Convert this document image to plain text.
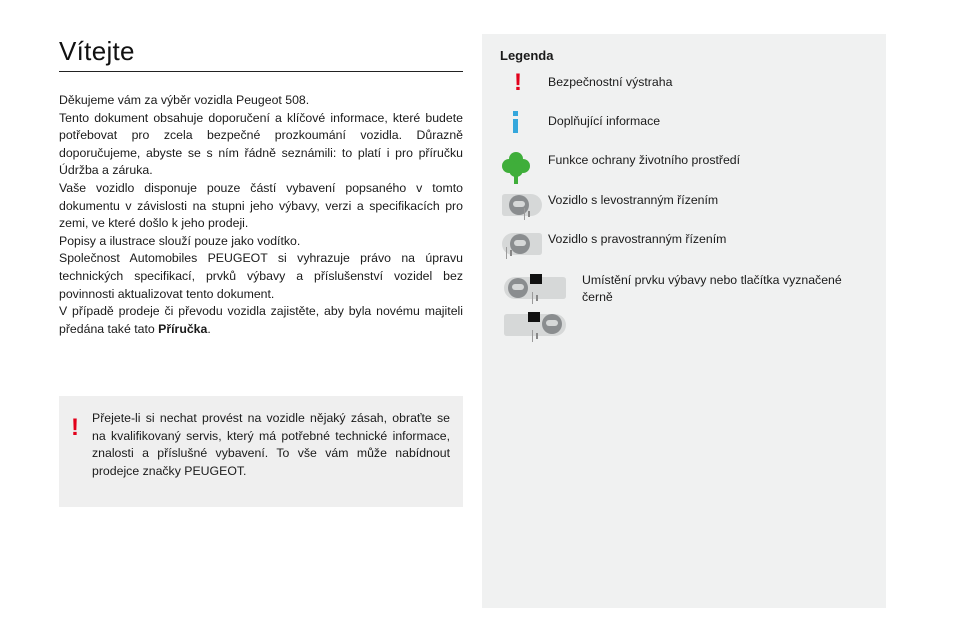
Vítejte

Děkujeme vám za výběr vozidla Peugeot 508.

Tento dokument obsahuje doporučení a klíčové informace, které budete potřebovat pro zcela bezpečné prozkoumání vozidla. Důrazně doporučujeme, abyste se s ním řádně seznámili: to platí i pro příručku Údržba a záruka.

Vaše vozidlo disponuje pouze částí vybavení popsaného v tomto dokumentu v závislosti na stupni jeho výbavy, verzi a specifikacích pro zemi, ve které došlo k jeho prodeji.

Popisy a ilustrace slouží pouze jako vodítko.

Společnost Automobiles PEUGEOT si vyhrazuje právo na úpravu technických specifikací, prvků výbavy a příslušenství vozidel bez povinnosti aktualizovat tento dokument.

V případě prodeje či převodu vozidla zajistěte, aby byla novému majiteli předána také tato Příručka.

! Přejete-li si nechat provést na vozidle nějaký zásah, obraťte se na kvalifikovaný servis, který má potřebné technické informace, znalosti a příslušné vybavení. To vše vám může nabídnout prodejce značky PEUGEOT.
Legenda
! Bezpečnostní výstraha
Doplňující informace
Funkce ochrany životního prostředí
Vozidlo s levostranným řízením
Vozidlo s pravostranným řízením
Umístění prvku výbavy nebo tlačítka vyznačené černě
